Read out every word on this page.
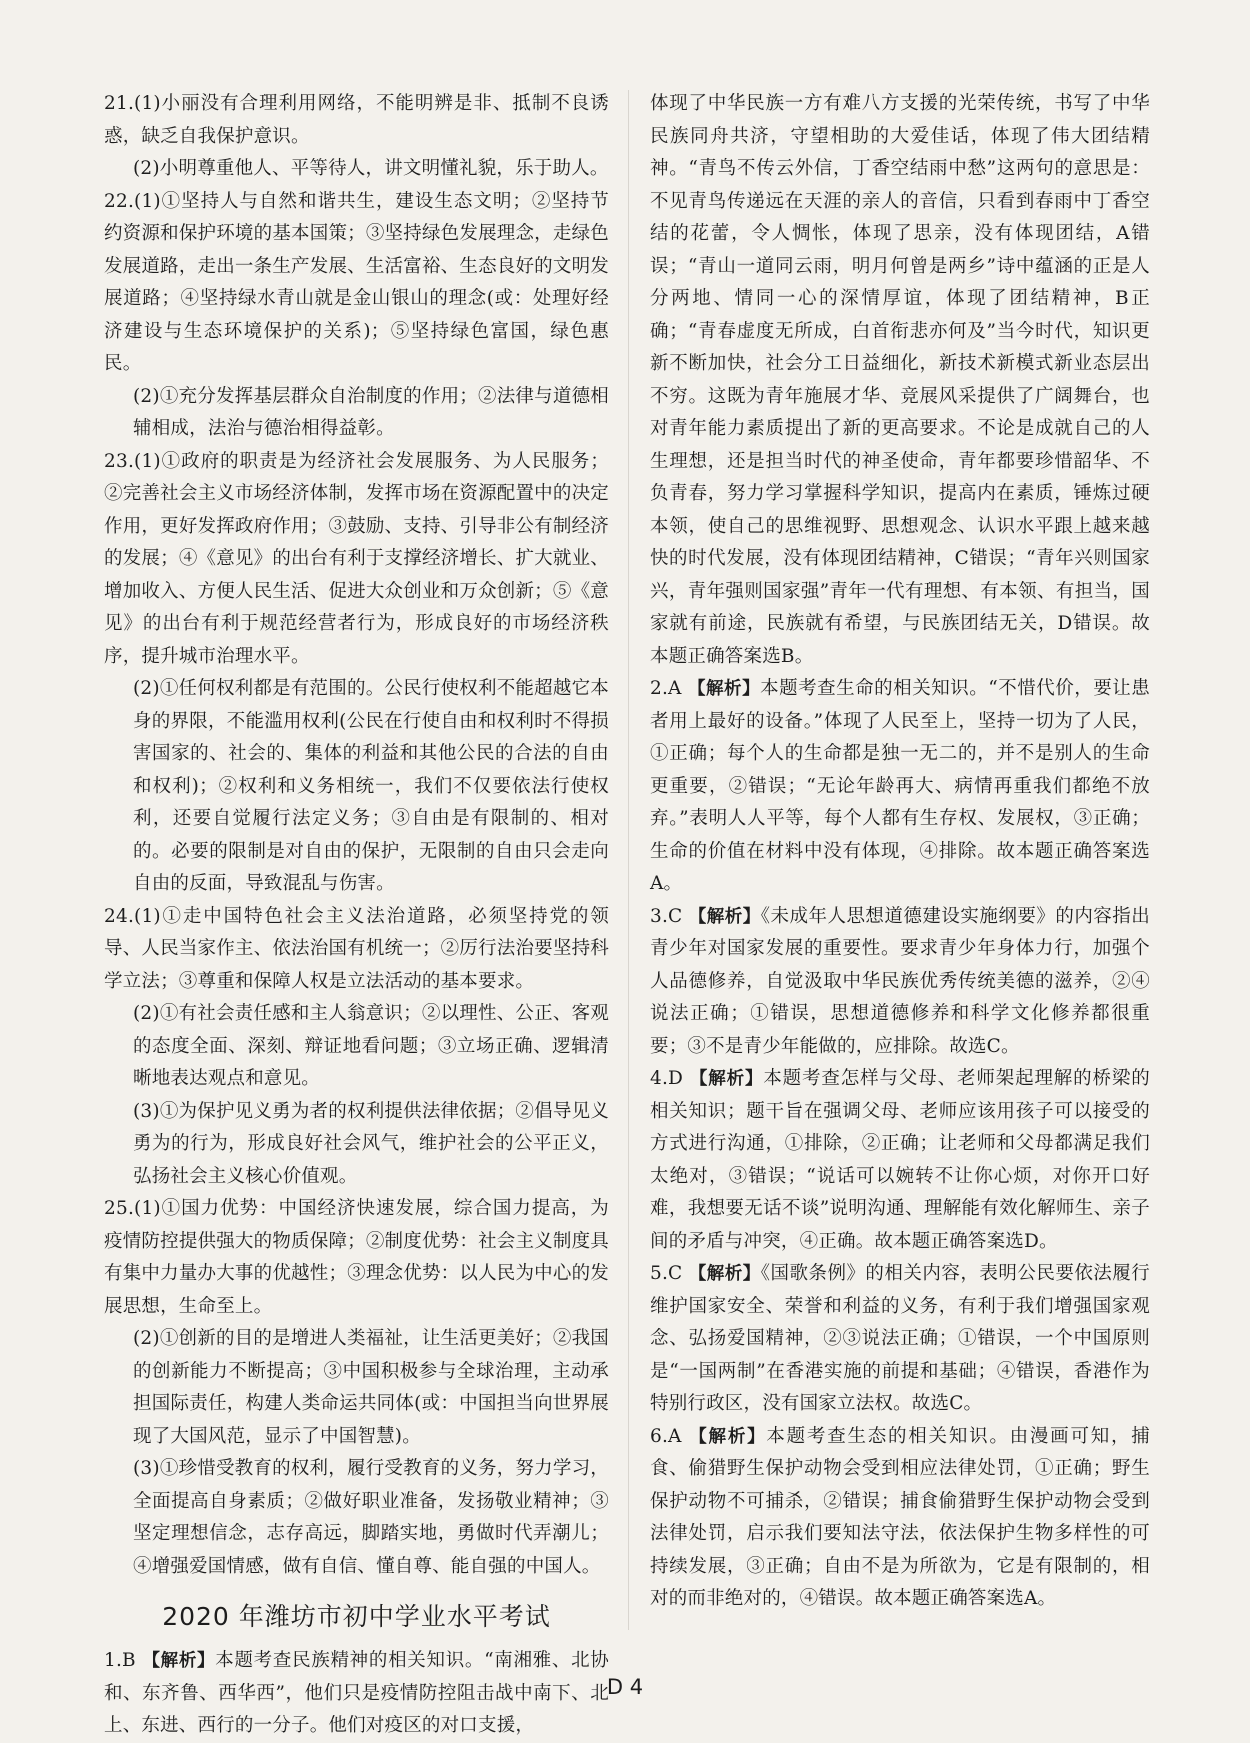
21.(1)小丽没有合理利用网络，不能明辨是非、抵制不良诱惑，缺乏自我保护意识。

(2)小明尊重他人、平等待人，讲文明懂礼貌，乐于助人。

22.(1)①坚持人与自然和谐共生，建设生态文明；②坚持节约资源和保护环境的基本国策；③坚持绿色发展理念，走绿色发展道路，走出一条生产发展、生活富裕、生态良好的文明发展道路；④坚持绿水青山就是金山银山的理念(或：处理好经济建设与生态环境保护的关系)；⑤坚持绿色富国，绿色惠民。

(2)①充分发挥基层群众自治制度的作用；②法律与道德相辅相成，法治与德治相得益彰。

23.(1)①政府的职责是为经济社会发展服务、为人民服务；②完善社会主义市场经济体制，发挥市场在资源配置中的决定作用，更好发挥政府作用；③鼓励、支持、引导非公有制经济的发展；④《意见》的出台有利于支撑经济增长、扩大就业、增加收入、方便人民生活、促进大众创业和万众创新；⑤《意见》的出台有利于规范经营者行为，形成良好的市场经济秩序，提升城市治理水平。

(2)①任何权利都是有范围的。公民行使权利不能超越它本身的界限，不能滥用权利(公民在行使自由和权利时不得损害国家的、社会的、集体的利益和其他公民的合法的自由和权利)；②权利和义务相统一，我们不仅要依法行使权利，还要自觉履行法定义务；③自由是有限制的、相对的。必要的限制是对自由的保护，无限制的自由只会走向自由的反面，导致混乱与伤害。

24.(1)①走中国特色社会主义法治道路，必须坚持党的领导、人民当家作主、依法治国有机统一；②厉行法治要坚持科学立法；③尊重和保障人权是立法活动的基本要求。

(2)①有社会责任感和主人翁意识；②以理性、公正、客观的态度全面、深刻、辩证地看问题；③立场正确、逻辑清晰地表达观点和意见。

(3)①为保护见义勇为者的权利提供法律依据；②倡导见义勇为的行为，形成良好社会风气，维护社会的公平正义，弘扬社会主义核心价值观。

25.(1)①国力优势：中国经济快速发展，综合国力提高，为疫情防控提供强大的物质保障；②制度优势：社会主义制度具有集中力量办大事的优越性；③理念优势：以人民为中心的发展思想，生命至上。

(2)①创新的目的是增进人类福祉，让生活更美好；②我国的创新能力不断提高；③中国积极参与全球治理，主动承担国际责任，构建人类命运共同体(或：中国担当向世界展现了大国风范，显示了中国智慧)。

(3)①珍惜受教育的权利，履行受教育的义务，努力学习，全面提高自身素质；②做好职业准备，发扬敬业精神；③坚定理想信念，志存高远，脚踏实地，勇做时代弄潮儿；④增强爱国情感，做有自信、懂自尊、能自强的中国人。

2020 年潍坊市初中学业水平考试

1.B 【解析】本题考查民族精神的相关知识。“南湘雅、北协和、东齐鲁、西华西”，他们只是疫情防控阻击战中南下、北上、东进、西行的一分子。他们对疫区的对口支援，

体现了中华民族一方有难八方支援的光荣传统，书写了中华民族同舟共济，守望相助的大爱佳话，体现了伟大团结精神。“青鸟不传云外信，丁香空结雨中愁”这两句的意思是：不见青鸟传递远在天涯的亲人的音信，只看到春雨中丁香空结的花蕾，令人惆怅，体现了思亲，没有体现团结，A错误；“青山一道同云雨，明月何曾是两乡”诗中蕴涵的正是人分两地、情同一心的深情厚谊，体现了团结精神，B正确；“青春虚度无所成，白首衔悲亦何及”当今时代，知识更新不断加快，社会分工日益细化，新技术新模式新业态层出不穷。这既为青年施展才华、竞展风采提供了广阔舞台，也对青年能力素质提出了新的更高要求。不论是成就自己的人生理想，还是担当时代的神圣使命，青年都要珍惜韶华、不负青春，努力学习掌握科学知识，提高内在素质，锤炼过硬本领，使自己的思维视野、思想观念、认识水平跟上越来越快的时代发展，没有体现团结精神，C错误；“青年兴则国家兴，青年强则国家强”青年一代有理想、有本领、有担当，国家就有前途，民族就有希望，与民族团结无关，D错误。故本题正确答案选B。

2.A 【解析】本题考查生命的相关知识。“不惜代价，要让患者用上最好的设备。”体现了人民至上，坚持一切为了人民，①正确；每个人的生命都是独一无二的，并不是别人的生命更重要，②错误；“无论年龄再大、病情再重我们都绝不放弃。”表明人人平等，每个人都有生存权、发展权，③正确；生命的价值在材料中没有体现，④排除。故本题正确答案选A。

3.C 【解析】《未成年人思想道德建设实施纲要》的内容指出青少年对国家发展的重要性。要求青少年身体力行，加强个人品德修养，自觉汲取中华民族优秀传统美德的滋养，②④说法正确；①错误，思想道德修养和科学文化修养都很重要；③不是青少年能做的，应排除。故选C。

4.D 【解析】本题考查怎样与父母、老师架起理解的桥梁的相关知识；题干旨在强调父母、老师应该用孩子可以接受的方式进行沟通，①排除，②正确；让老师和父母都满足我们太绝对，③错误；“说话可以婉转不让你心烦，对你开口好难，我想要无话不谈”说明沟通、理解能有效化解师生、亲子间的矛盾与冲突，④正确。故本题正确答案选D。

5.C 【解析】《国歌条例》的相关内容，表明公民要依法履行维护国家安全、荣誉和利益的义务，有利于我们增强国家观念、弘扬爱国精神，②③说法正确；①错误，一个中国原则是“一国两制”在香港实施的前提和基础；④错误，香港作为特别行政区，没有国家立法权。故选C。

6.A 【解析】本题考查生态的相关知识。由漫画可知，捕食、偷猎野生保护动物会受到相应法律处罚，①正确；野生保护动物不可捕杀，②错误；捕食偷猎野生保护动物会受到法律处罚，启示我们要知法守法，依法保护生物多样性的可持续发展，③正确；自由不是为所欲为，它是有限制的，相对的而非绝对的，④错误。故本题正确答案选A。

D 4
